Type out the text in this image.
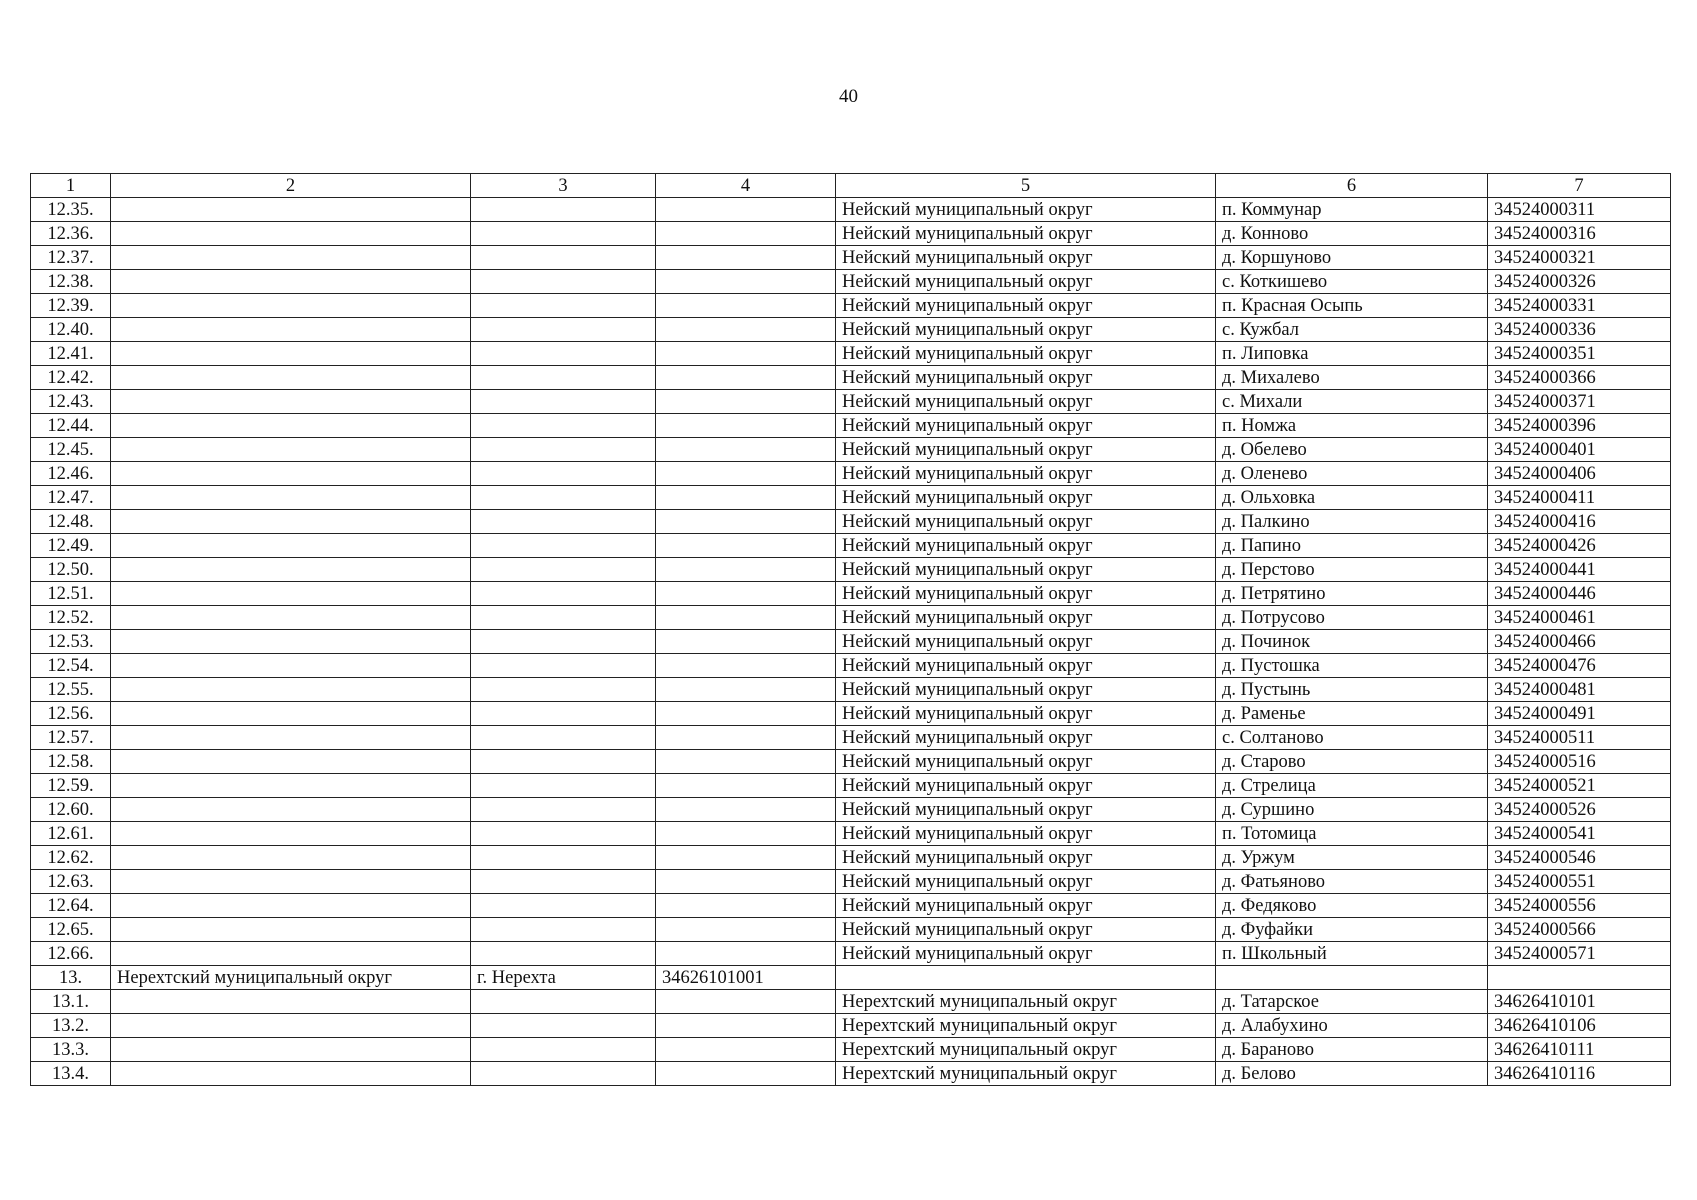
40
1	2	3	4	5	6	7
12.35.				Нейский муниципальный округ	п. Коммунар	34524000311
12.36.				Нейский муниципальный округ	д. Конново	34524000316
12.37.				Нейский муниципальный округ	д. Коршуново	34524000321
12.38.				Нейский муниципальный округ	с. Коткишево	34524000326
12.39.				Нейский муниципальный округ	п. Красная Осыпь	34524000331
12.40.				Нейский муниципальный округ	с. Кужбал	34524000336
12.41.				Нейский муниципальный округ	п. Липовка	34524000351
12.42.				Нейский муниципальный округ	д. Михалево	34524000366
12.43.				Нейский муниципальный округ	с. Михали	34524000371
12.44.				Нейский муниципальный округ	п. Номжа	34524000396
12.45.				Нейский муниципальный округ	д. Обелево	34524000401
12.46.				Нейский муниципальный округ	д. Оленево	34524000406
12.47.				Нейский муниципальный округ	д. Ольховка	34524000411
12.48.				Нейский муниципальный округ	д. Палкино	34524000416
12.49.				Нейский муниципальный округ	д. Папино	34524000426
12.50.				Нейский муниципальный округ	д. Перстово	34524000441
12.51.				Нейский муниципальный округ	д. Петрятино	34524000446
12.52.				Нейский муниципальный округ	д. Потрусово	34524000461
12.53.				Нейский муниципальный округ	д. Починок	34524000466
12.54.				Нейский муниципальный округ	д. Пустошка	34524000476
12.55.				Нейский муниципальный округ	д. Пустынь	34524000481
12.56.				Нейский муниципальный округ	д. Раменье	34524000491
12.57.				Нейский муниципальный округ	с. Солтаново	34524000511
12.58.				Нейский муниципальный округ	д. Старово	34524000516
12.59.				Нейский муниципальный округ	д. Стрелица	34524000521
12.60.				Нейский муниципальный округ	д. Суршино	34524000526
12.61.				Нейский муниципальный округ	п. Тотомица	34524000541
12.62.				Нейский муниципальный округ	д. Уржум	34524000546
12.63.				Нейский муниципальный округ	д. Фатьяново	34524000551
12.64.				Нейский муниципальный округ	д. Федяково	34524000556
12.65.				Нейский муниципальный округ	д. Фуфайки	34524000566
12.66.				Нейский муниципальный округ	п. Школьный	34524000571
13.	Нерехтский муниципальный округ	г. Нерехта	34626101001			
13.1.				Нерехтский муниципальный округ	д. Татарское	34626410101
13.2.				Нерехтский муниципальный округ	д. Алабухино	34626410106
13.3.				Нерехтский муниципальный округ	д. Бараново	34626410111
13.4.				Нерехтский муниципальный округ	д. Белово	34626410116
